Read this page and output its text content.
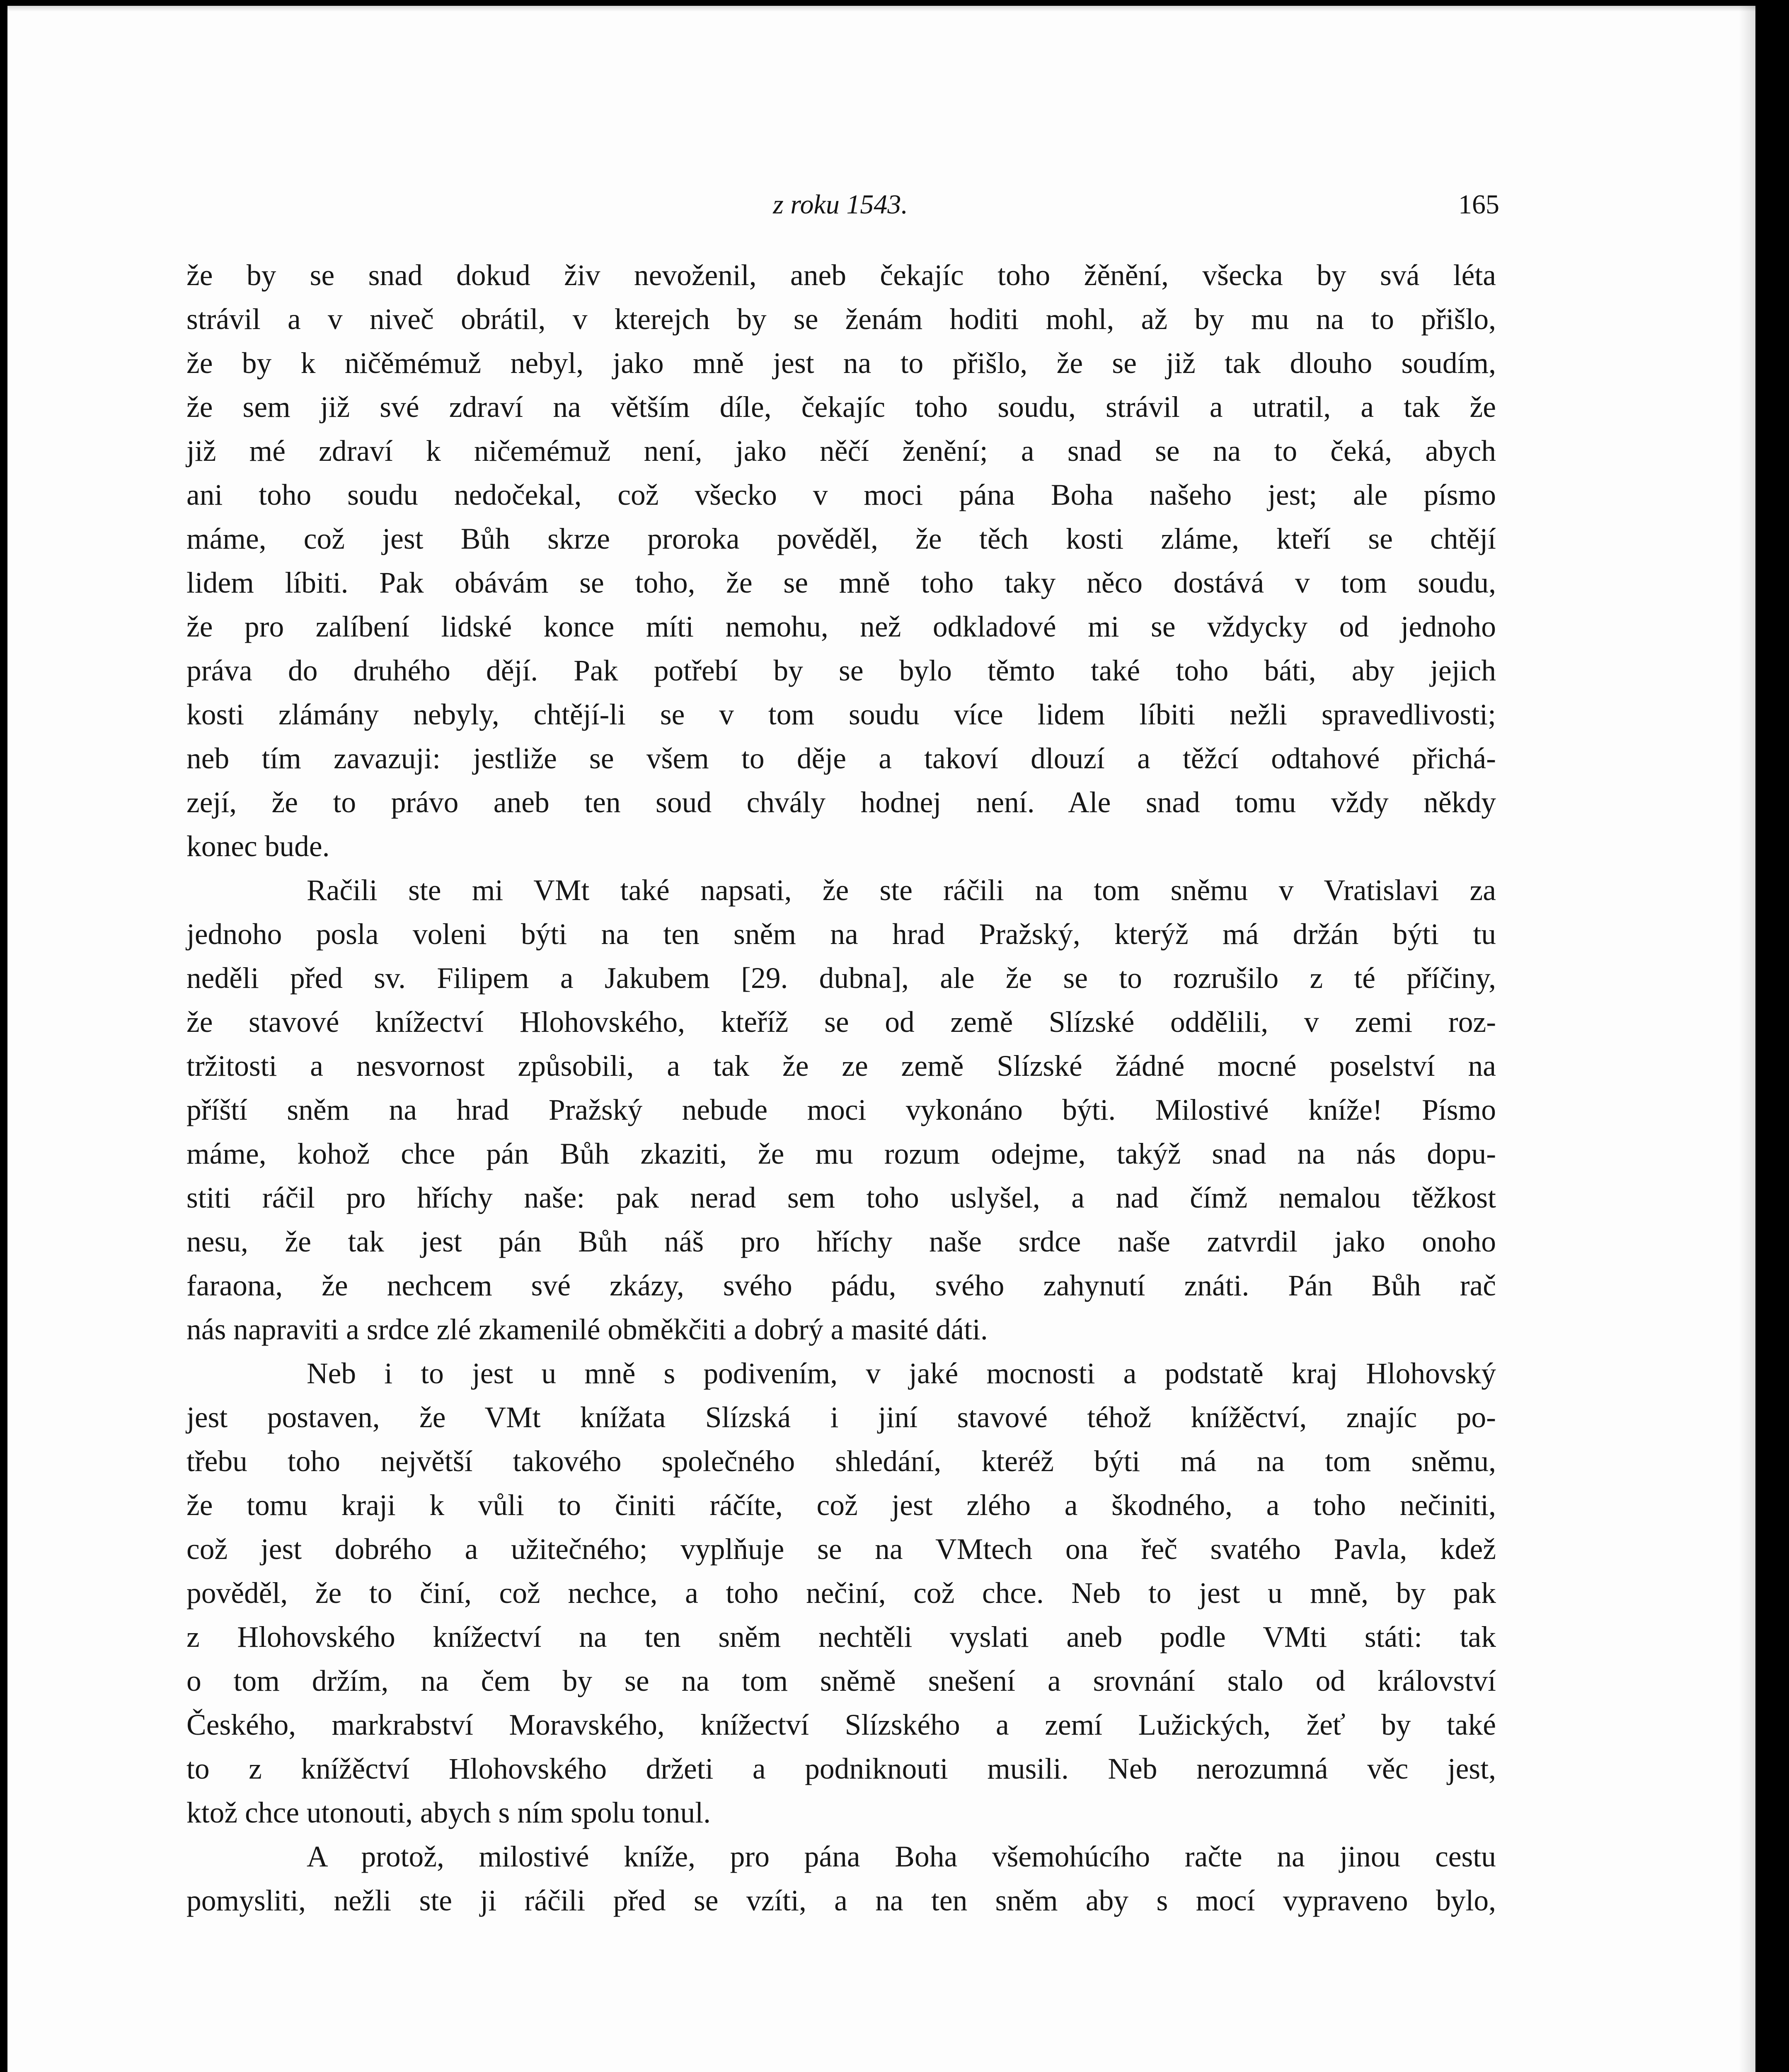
z roku 1543.	165
že by se snad dokud živ nevoženil, aneb čekajíc toho žěnění, všecka by svá léta
strávil a v niveč obrátil, v kterejch by se ženám hoditi mohl, až by mu na to přišlo,
že by k ničěmémuž nebyl, jako mně jest na to přišlo, že se již tak dlouho soudím,
že sem již své zdraví na větším díle, čekajíc toho soudu, strávil a utratil, a tak že
již mé zdraví k ničemémuž není, jako něčí ženění; a snad se na to čeká, abych
ani toho soudu nedočekal, což všecko v moci pána Boha našeho jest; ale písmo
máme, což jest Bůh skrze proroka pověděl, že těch kosti zláme, kteří se chtějí
lidem líbiti. Pak obávám se toho, že se mně toho taky něco dostává v tom soudu,
že pro zalíbení lidské konce míti nemohu, než odkladové mi se vždycky od jednoho
práva do druhého dějí. Pak potřebí by se bylo těmto také toho báti, aby jejich
kosti zlámány nebyly, chtějí-li se v tom soudu více lidem líbiti nežli spravedlivosti;
neb tím zavazuji: jestliže se všem to děje a takoví dlouzí a těžcí odtahové přichá-
zejí, že to právo aneb ten soud chvály hodnej není. Ale snad tomu vždy někdy
konec bude.
Račili ste mi VMt také napsati, že ste ráčili na tom sněmu v Vratislavi za
jednoho posla voleni býti na ten sněm na hrad Pražský, kterýž má držán býti tu
neděli před sv. Filipem a Jakubem [29. dubna], ale že se to rozrušilo z té příčiny,
že stavové knížectví Hlohovského, kteříž se od země Slízské oddělili, v zemi roz-
tržitosti a nesvornost způsobili, a tak že ze země Slízské žádné mocné poselství na
příští sněm na hrad Pražský nebude moci vykonáno býti. Milostivé kníže! Písmo
máme, kohož chce pán Bůh zkaziti, že mu rozum odejme, takýž snad na nás dopu-
stiti ráčil pro hříchy naše: pak nerad sem toho uslyšel, a nad čímž nemalou těžkost
nesu, že tak jest pán Bůh náš pro hříchy naše srdce naše zatvrdil jako onoho
faraona, že nechcem své zkázy, svého pádu, svého zahynutí znáti. Pán Bůh rač
nás napraviti a srdce zlé zkamenilé obměkčiti a dobrý a masité dáti.
Neb i to jest u mně s podivením, v jaké mocnosti a podstatě kraj Hlohovský
jest postaven, že VMt knížata Slízská i jiní stavové téhož knížěctví, znajíc po-
třebu toho největší takového společného shledání, kteréž býti má na tom sněmu,
že tomu kraji k vůli to činiti ráčíte, což jest zlého a škodného, a toho nečiniti,
což jest dobrého a užitečného; vyplňuje se na VMtech ona řeč svatého Pavla, kdež
pověděl, že to činí, což nechce, a toho nečiní, což chce. Neb to jest u mně, by pak
z Hlohovského knížectví na ten sněm nechtěli vyslati aneb podle VMti státi: tak
o tom držím, na čem by se na tom sněmě snešení a srovnání stalo od království
Českého, markrabství Moravského, knížectví Slízského a zemí Lužických, žeť by také
to z knížěctví Hlohovského držeti a podniknouti musili. Neb nerozumná věc jest,
ktož chce utonouti, abych s ním spolu tonul.
A protož, milostivé kníže, pro pána Boha všemohúcího račte na jinou cestu
pomysliti, nežli ste ji ráčili před se vzíti, a na ten sněm aby s mocí vypraveno bylo,
